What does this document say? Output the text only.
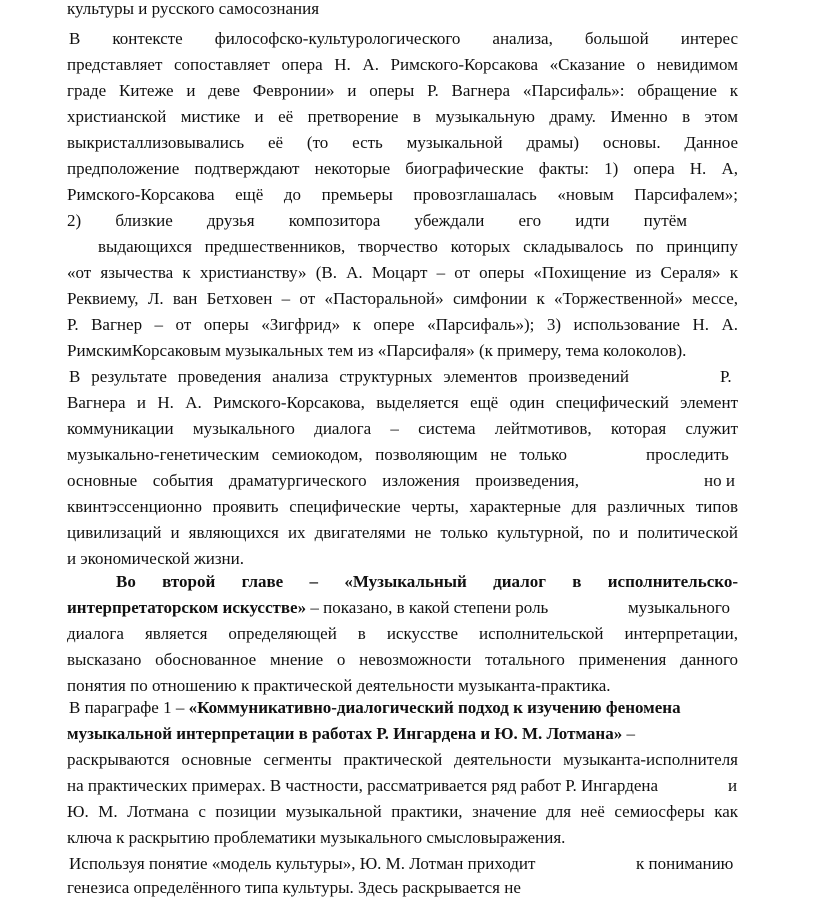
культуры и русского самосознания
В контексте философско-культурологического анализа, большой интерес
представляет сопоставляет опера Н. А. Римского-Корсакова «Сказание о невидимом
граде Китеже и деве Февронии» и оперы Р. Вагнера «Парсифаль»: обращение к
христианской мистике и её претворение в музыкальную драму. Именно в этом
выкристаллизовывались её (то есть музыкальной драмы) основы. Данное
предположение подтверждают некоторые биографические факты: 1) опера Н. А,
Римского-Корсакова ещё до премьеры провозглашалась «новым Парсифалем»;
2) близкие друзья композитора убеждали его идти путём
выдающихся предшественников, творчество которых складывалось по принципу
«от язычества к христианству» (В. А. Моцарт – от оперы «Похищение из Сераля» к
Реквиему, Л. ван Бетховен – от «Пасторальной» симфонии к «Торжественной» мессе,
Р. Вагнер – от оперы «Зигфрид» к опере «Парсифаль»); 3) использование Н. А.
РимскимКорсаковым музыкальных тем из «Парсифаля» (к примеру, тема колоколов).
В результате проведения анализа структурных элементов произведений	Р.
Вагнера и Н. А. Римского-Корсакова, выделяется ещё один специфический элемент
коммуникации музыкального диалога – система лейтмотивов, которая служит
музыкально-генетическим семиокодом, позволяющим не только	проследить
основные события драматургического изложения произведения,	но и
квинтэссенционно проявить специфические черты, характерные для различных типов
цивилизаций и являющихся их двигателями не только культурной, по и политической
и экономической жизни.
Во второй главе – «Музыкальный диалог в исполнительско-
интерпретаторском искусстве» – показано, в какой степени роль	музыкального
диалога является определяющей в искусстве исполнительской интерпретации,
высказано обоснованное мнение о невозможности тотального применения данного
понятия по отношению к практической деятельности музыканта-практика.
В параграфе 1 – «Коммуникативно-диалогический подход к изучению феномена
музыкальной интерпретации в работах Р. Ингардена и Ю. М. Лотмана» –
раскрываются основные сегменты практической деятельности музыканта-исполнителя
на практических примерах. В частности, рассматривается ряд работ Р. Ингардена	и
Ю. М. Лотмана с позиции музыкальной практики, значение для неё семиосферы как
ключа к раскрытию проблематики музыкального смысловыражения.
Используя понятие «модель культуры», Ю. М. Лотман приходит	к пониманию
генезиса определённого типа культуры. Здесь раскрывается не
